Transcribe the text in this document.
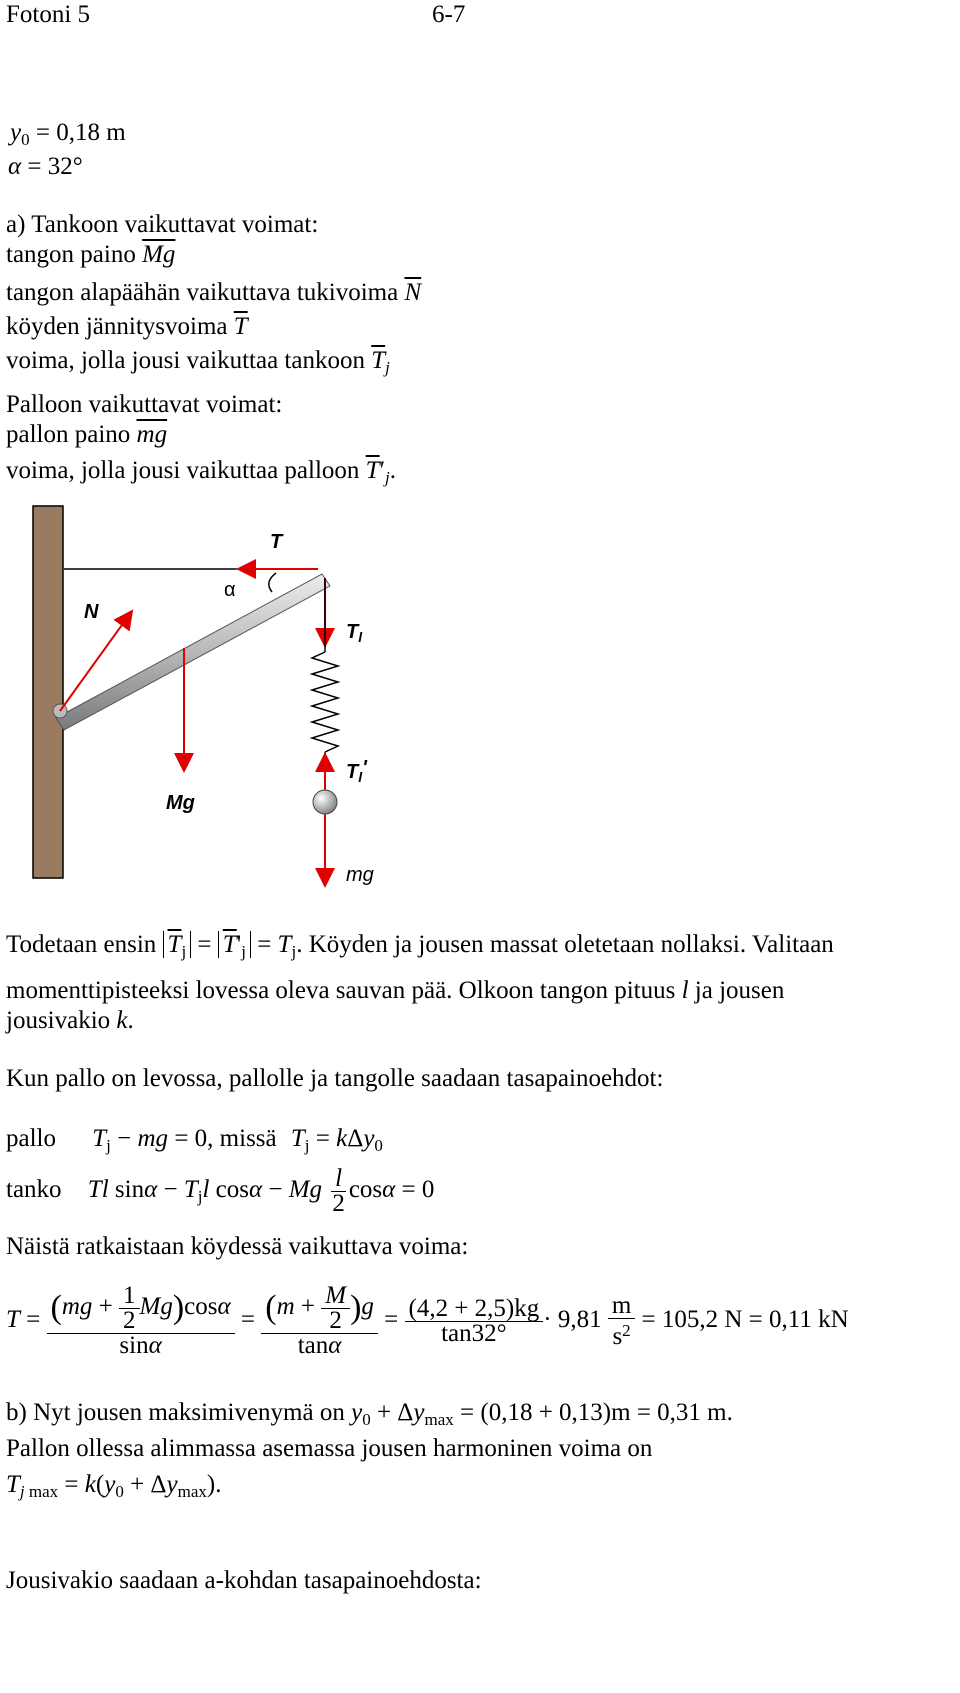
Fotoni 5	6-7
$y_0 = 0,18$ m
α = 32°
a) Tankoon vaikuttavat voimat:
tangon paino $\overline{Mg}$
tangon alapäähän vaikuttava tukivoima $\overline{N}$
köyden jännitysvoima $\overline{T}$
voima, jolla jousi vaikuttaa tankoon $\overline{T}_j$
Palloon vaikuttavat voimat:
pallon paino $\overline{mg}$
voima, jolla jousi vaikuttaa palloon $\overline{T}'_j$.
T
α
N
$T_l$
$T_l'$
Mg
mg
Todetaan ensin $\overline{T}_j = \overline{T}'_j = T_j$. Köyden ja jousen massat oletetaan nollaksi. Valitaan
momenttipisteeksi lovessa oleva sauvan pää. Olkoon tangon pituus l ja jousen
jousivakio k.
Kun pallo on levossa, pallolle ja tangolle saadaan tasapainoehdot:
pallo $T_j$ − mg = 0, missä $T_j = k\Delta y_0$
tanko Tl $\sin\alpha - T_jl$ cosα − Mg $\frac{l}{2}$ cosα = 0
Näistä ratkaistaan köydessä vaikuttava voima:
$T = \frac{(mg + \frac{1}{2} Mg)\cos\alpha}{\sin\alpha} = \frac{(m + \frac{M}{2} )g}{\tan\alpha} = \frac{(4,2 + 2,5)kg}{\tan 32^\circ} \cdot 9,81 \frac{m}{s^2} = 105,2$ N = 0,11 kN
b) Nyt jousen maksimivenymä on $y_0 + \Delta y_{max} = (0,18 + 0,13)m = 0,31$ m.
Pallon ollessa alimmassa asemassa jousen harmoninen voima on
$T_{j max} = k(y_0 + \Delta y_{max})$.
Jousivakio saadaan a-kohdan tasapainoehdosta:
